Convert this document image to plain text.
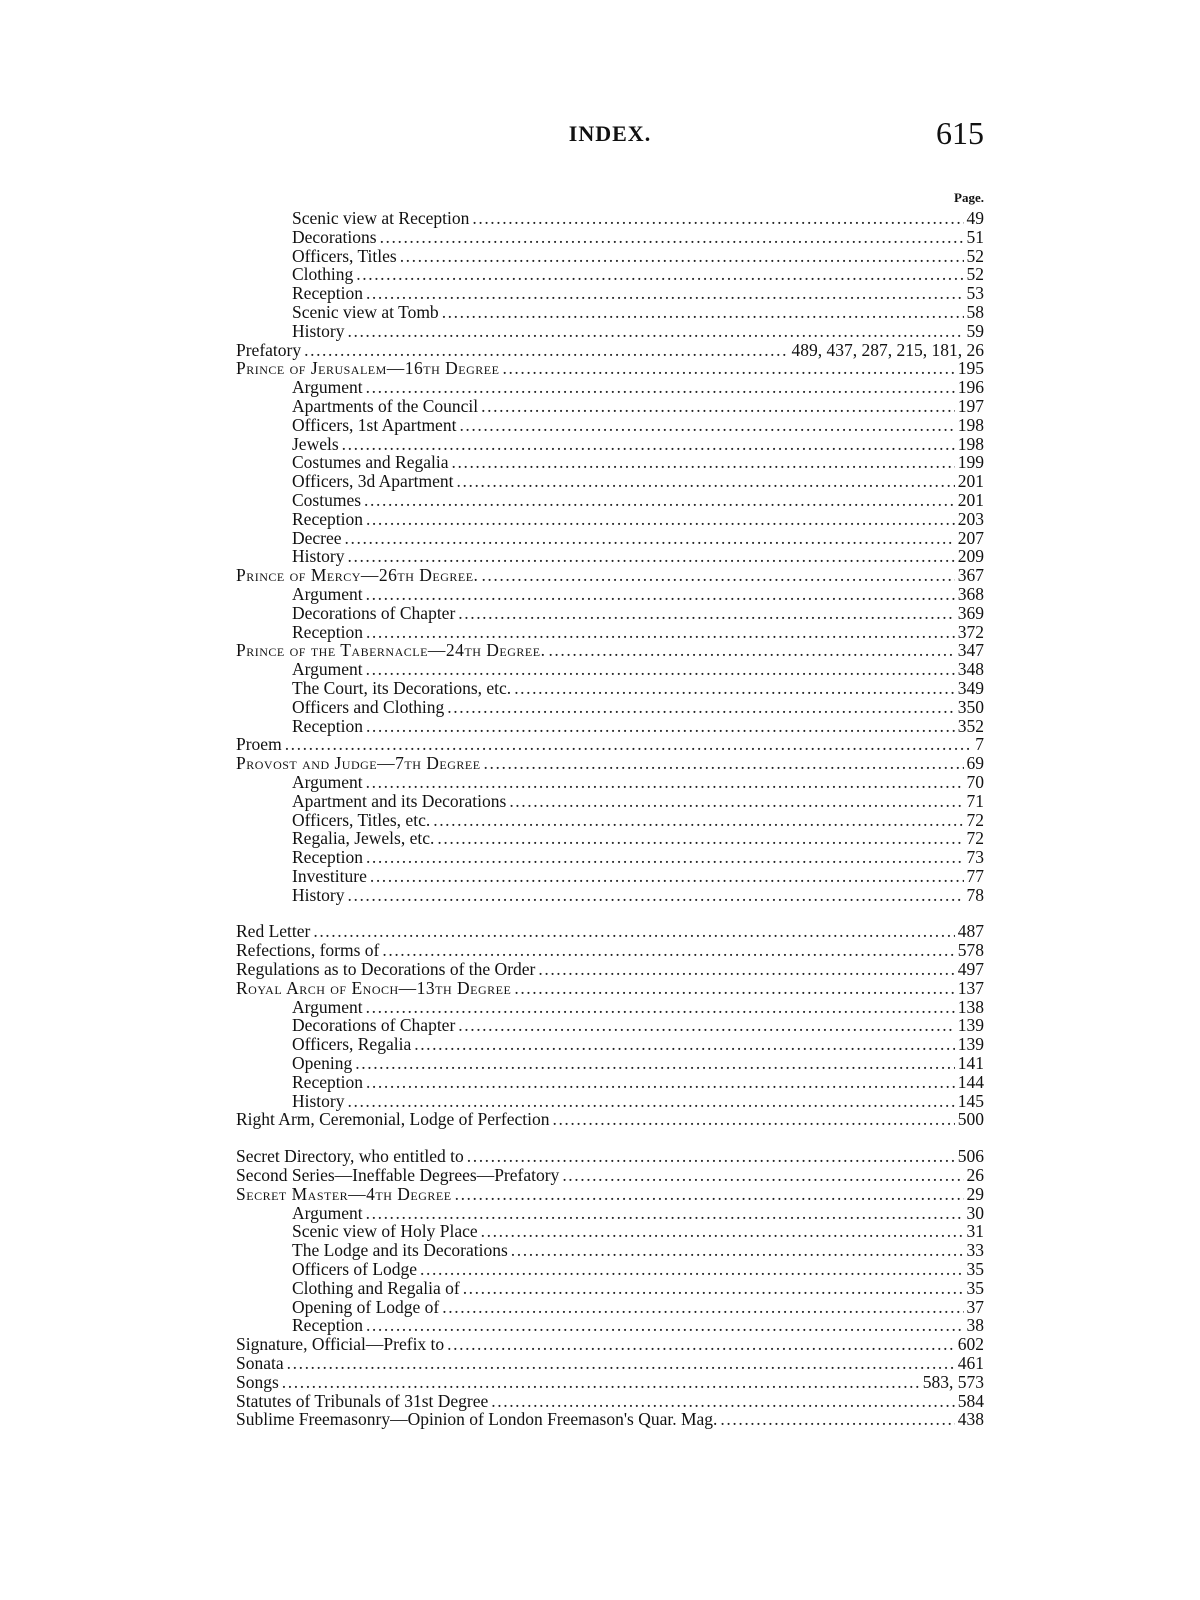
INDEX.	615
Page.
Scenic view at Reception .....	49
Decorations .....	51
Officers, Titles .....	52
Clothing .....	52
Reception .....	53
Scenic view at Tomb .....	58
History .....	59
Prefatory .....	489, 437, 287, 215, 181, 26
Prince of Jerusalem—16th Degree .....	195
Argument .....	196
Apartments of the Council .....	197
Officers, 1st Apartment .....	198
Jewels .....	198
Costumes and Regalia .....	199
Officers, 3d Apartment .....	201
Costumes .....	201
Reception .....	203
Decree .....	207
History .....	209
Prince of Mercy—26th Degree. .....	367
Argument .....	368
Decorations of Chapter .....	369
Reception .....	372
Prince of the Tabernacle—24th Degree. .....	347
Argument .....	348
The Court, its Decorations, etc. .....	349
Officers and Clothing .....	350
Reception .....	352
Proem .....	7
Provost and Judge—7th Degree .....	69
Argument .....	70
Apartment and its Decorations .....	71
Officers, Titles, etc. .....	72
Regalia, Jewels, etc. .....	72
Reception .....	73
Investiture .....	77
History .....	78
Red Letter .....	487
Refections, forms of .....	578
Regulations as to Decorations of the Order .....	497
Royal Arch of Enoch—13th Degree .....	137
Argument .....	138
Decorations of Chapter .....	139
Officers, Regalia .....	139
Opening .....	141
Reception .....	144
History .....	145
Right Arm, Ceremonial, Lodge of Perfection .....	500
Secret Directory, who entitled to .....	506
Second Series—Ineffable Degrees—Prefatory .....	26
Secret Master—4th Degree .....	29
Argument .....	30
Scenic view of Holy Place .....	31
The Lodge and its Decorations .....	33
Officers of Lodge .....	35
Clothing and Regalia of .....	35
Opening of Lodge of .....	37
Reception .....	38
Signature, Official—Prefix to .....	602
Sonata .....	461
Songs .....	583, 573
Statutes of Tribunals of 31st Degree .....	584
Sublime Freemasonry—Opinion of London Freemason's Quar. Mag. .....	438
